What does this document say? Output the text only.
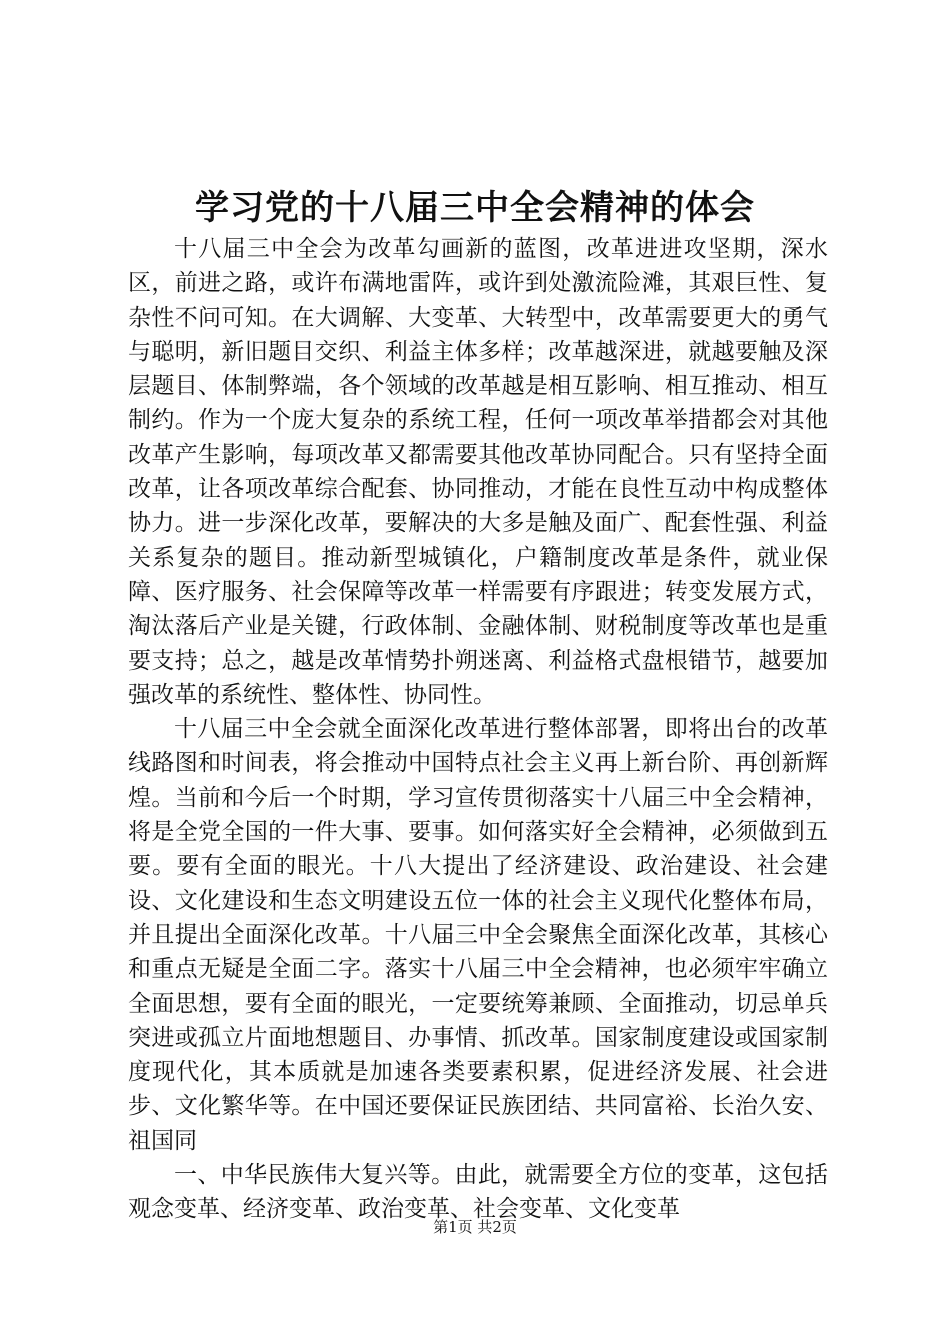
学习党的十八届三中全会精神的体会

十八届三中全会为改革勾画新的蓝图，改革进进攻坚期，深水区，前进之路，或许布满地雷阵，或许到处激流险滩，其艰巨性、复杂性不问可知。在大调解、大变革、大转型中，改革需要更大的勇气与聪明，新旧题目交织、利益主体多样；改革越深进，就越要触及深层题目、体制弊端，各个领域的改革越是相互影响、相互推动、相互制约。作为一个庞大复杂的系统工程，任何一项改革举措都会对其他改革产生影响，每项改革又都需要其他改革协同配合。只有坚持全面改革，让各项改革综合配套、协同推动，才能在良性互动中构成整体协力。进一步深化改革，要解决的大多是触及面广、配套性强、利益关系复杂的题目。推动新型城镇化，户籍制度改革是条件，就业保障、医疗服务、社会保障等改革一样需要有序跟进；转变发展方式，淘汰落后产业是关键，行政体制、金融体制、财税制度等改革也是重要支持；总之，越是改革情势扑朔迷离、利益格式盘根错节，越要加强改革的系统性、整体性、协同性。

十八届三中全会就全面深化改革进行整体部署，即将出台的改革线路图和时间表，将会推动中国特点社会主义再上新台阶、再创新辉煌。当前和今后一个时期，学习宣传贯彻落实十八届三中全会精神，将是全党全国的一件大事、要事。如何落实好全会精神，必须做到五要。要有全面的眼光。十八大提出了经济建设、政治建设、社会建设、文化建设和生态文明建设五位一体的社会主义现代化整体布局，并且提出全面深化改革。十八届三中全会聚焦全面深化改革，其核心和重点无疑是全面二字。落实十八届三中全会精神，也必须牢牢确立全面思想，要有全面的眼光，一定要统筹兼顾、全面推动，切忌单兵突进或孤立片面地想题目、办事情、抓改革。国家制度建设或国家制度现代化，其本质就是加速各类要素积累，促进经济发展、社会进步、文化繁华等。在中国还要保证民族团结、共同富裕、长治久安、祖国同

一、中华民族伟大复兴等。由此，就需要全方位的变革，这包括观念变革、经济变革、政治变革、社会变革、文化变革

第1页 共2页
